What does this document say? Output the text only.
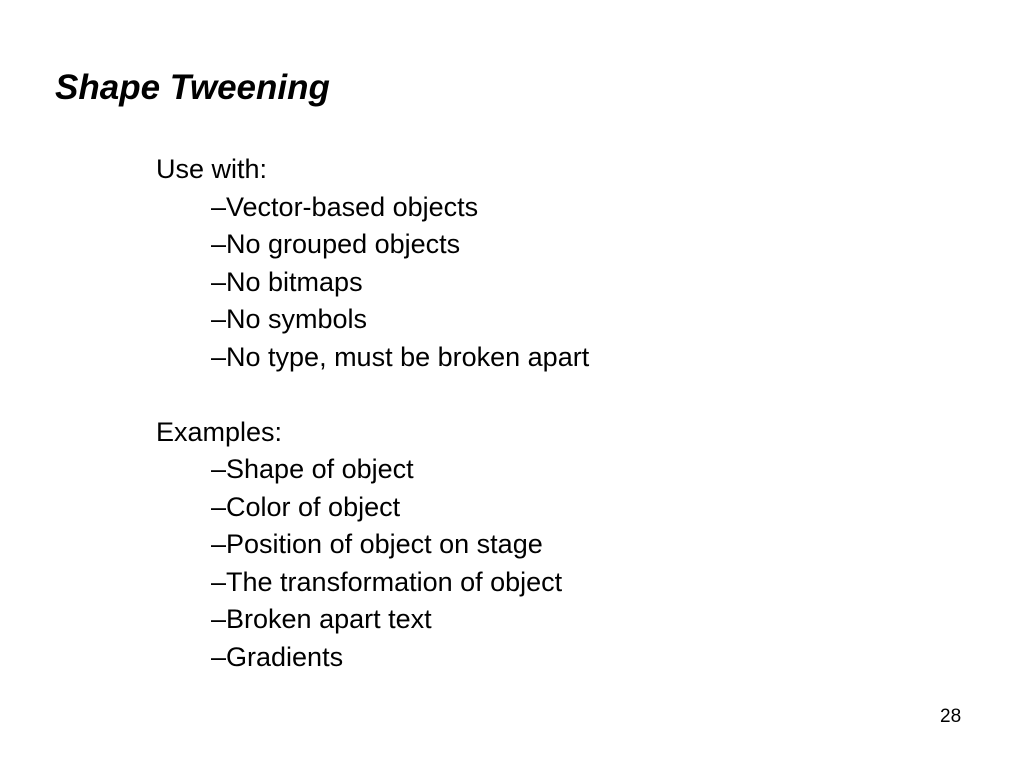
Shape Tweening
Use with:
–Vector-based objects
–No grouped objects
–No bitmaps
–No symbols
–No type, must be broken apart
Examples:
–Shape of object
–Color of object
–Position of object on stage
–The transformation of object
–Broken apart text
–Gradients
28
